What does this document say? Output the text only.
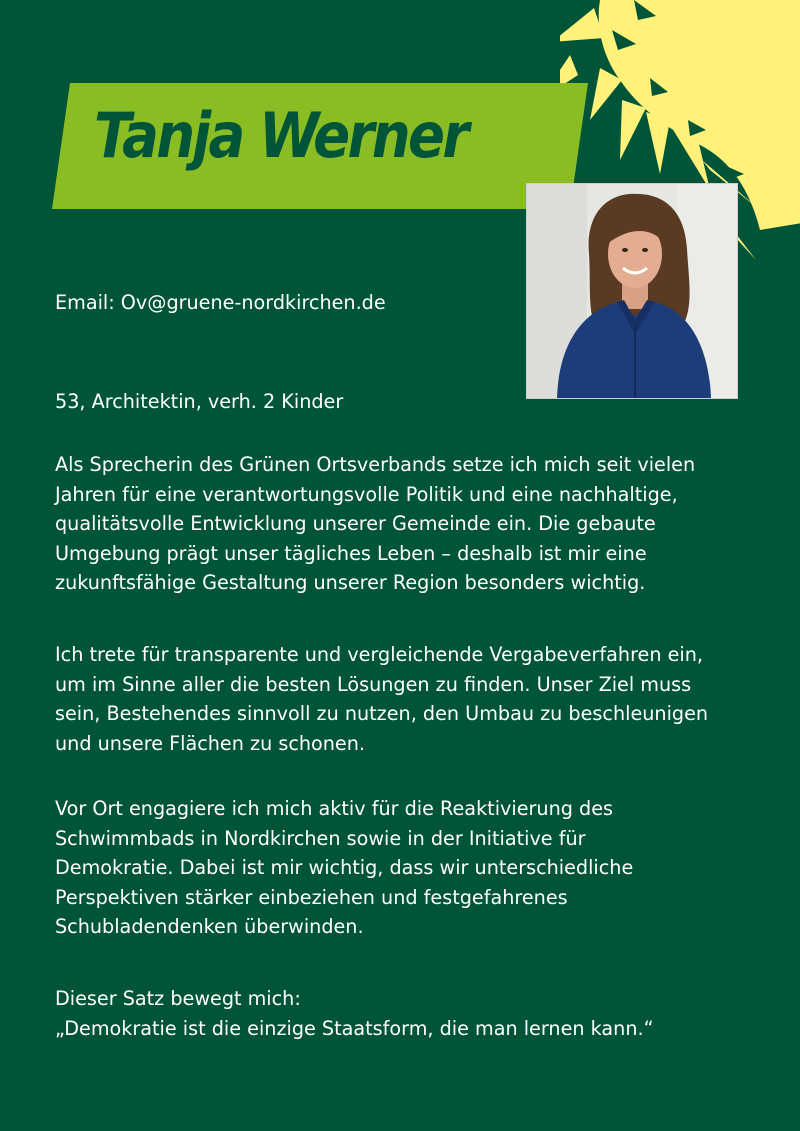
Tanja Werner
Email: Ov@gruene-nordkirchen.de
53, Architektin, verh. 2 Kinder
Als Sprecherin des Grünen Ortsverbands setze ich mich seit vielen
Jahren für eine verantwortungsvolle Politik und eine nachhaltige,
qualitätsvolle Entwicklung unserer Gemeinde ein. Die gebaute
Umgebung prägt unser tägliches Leben – deshalb ist mir eine
zukunftsfähige Gestaltung unserer Region besonders wichtig.
Ich trete für transparente und vergleichende Vergabeverfahren ein,
um im Sinne aller die besten Lösungen zu finden. Unser Ziel muss
sein, Bestehendes sinnvoll zu nutzen, den Umbau zu beschleunigen
und unsere Flächen zu schonen.
Vor Ort engagiere ich mich aktiv für die Reaktivierung des
Schwimmbads in Nordkirchen sowie in der Initiative für
Demokratie. Dabei ist mir wichtig, dass wir unterschiedliche
Perspektiven stärker einbeziehen und festgefahrenes
Schubladendenken überwinden.
Dieser Satz bewegt mich:
„Demokratie ist die einzige Staatsform, die man lernen kann.“
